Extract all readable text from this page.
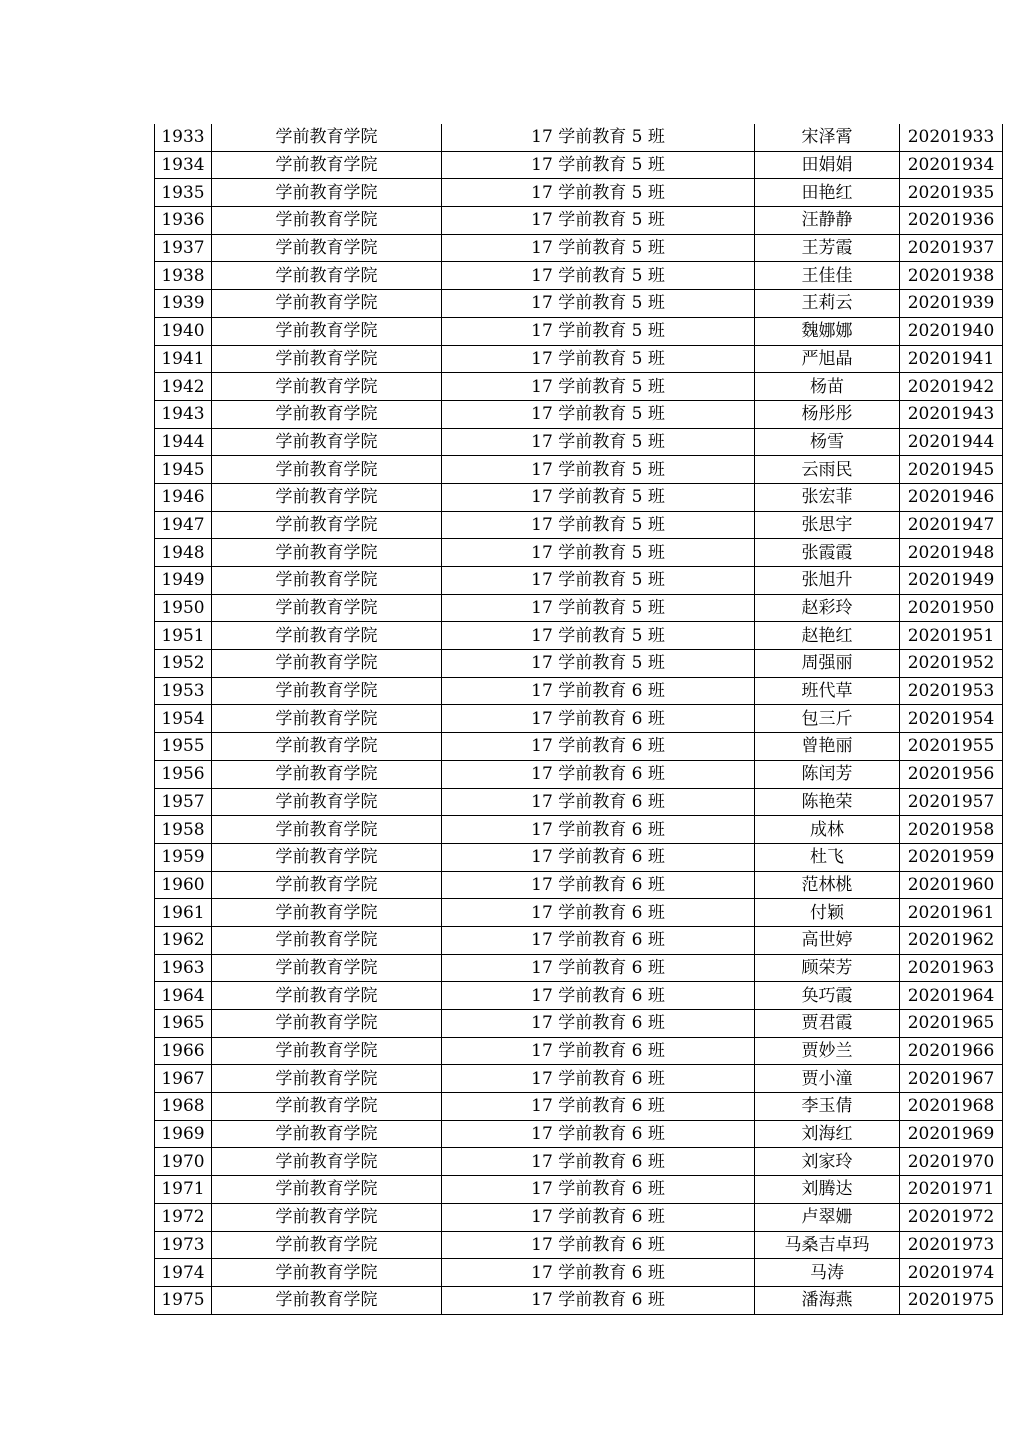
1933	学前教育学院	17 学前教育 5 班	宋泽霄	20201933
1934	学前教育学院	17 学前教育 5 班	田娟娟	20201934
1935	学前教育学院	17 学前教育 5 班	田艳红	20201935
1936	学前教育学院	17 学前教育 5 班	汪静静	20201936
1937	学前教育学院	17 学前教育 5 班	王芳霞	20201937
1938	学前教育学院	17 学前教育 5 班	王佳佳	20201938
1939	学前教育学院	17 学前教育 5 班	王莉云	20201939
1940	学前教育学院	17 学前教育 5 班	魏娜娜	20201940
1941	学前教育学院	17 学前教育 5 班	严旭晶	20201941
1942	学前教育学院	17 学前教育 5 班	杨苗	20201942
1943	学前教育学院	17 学前教育 5 班	杨彤彤	20201943
1944	学前教育学院	17 学前教育 5 班	杨雪	20201944
1945	学前教育学院	17 学前教育 5 班	云雨民	20201945
1946	学前教育学院	17 学前教育 5 班	张宏菲	20201946
1947	学前教育学院	17 学前教育 5 班	张思宇	20201947
1948	学前教育学院	17 学前教育 5 班	张霞霞	20201948
1949	学前教育学院	17 学前教育 5 班	张旭升	20201949
1950	学前教育学院	17 学前教育 5 班	赵彩玲	20201950
1951	学前教育学院	17 学前教育 5 班	赵艳红	20201951
1952	学前教育学院	17 学前教育 5 班	周强丽	20201952
1953	学前教育学院	17 学前教育 6 班	班代草	20201953
1954	学前教育学院	17 学前教育 6 班	包三斤	20201954
1955	学前教育学院	17 学前教育 6 班	曾艳丽	20201955
1956	学前教育学院	17 学前教育 6 班	陈闰芳	20201956
1957	学前教育学院	17 学前教育 6 班	陈艳荣	20201957
1958	学前教育学院	17 学前教育 6 班	成林	20201958
1959	学前教育学院	17 学前教育 6 班	杜飞	20201959
1960	学前教育学院	17 学前教育 6 班	范林桃	20201960
1961	学前教育学院	17 学前教育 6 班	付颖	20201961
1962	学前教育学院	17 学前教育 6 班	高世婷	20201962
1963	学前教育学院	17 学前教育 6 班	顾荣芳	20201963
1964	学前教育学院	17 学前教育 6 班	奂巧霞	20201964
1965	学前教育学院	17 学前教育 6 班	贾君霞	20201965
1966	学前教育学院	17 学前教育 6 班	贾妙兰	20201966
1967	学前教育学院	17 学前教育 6 班	贾小潼	20201967
1968	学前教育学院	17 学前教育 6 班	李玉倩	20201968
1969	学前教育学院	17 学前教育 6 班	刘海红	20201969
1970	学前教育学院	17 学前教育 6 班	刘家玲	20201970
1971	学前教育学院	17 学前教育 6 班	刘腾达	20201971
1972	学前教育学院	17 学前教育 6 班	卢翠姗	20201972
1973	学前教育学院	17 学前教育 6 班	马桑吉卓玛	20201973
1974	学前教育学院	17 学前教育 6 班	马涛	20201974
1975	学前教育学院	17 学前教育 6 班	潘海燕	20201975
